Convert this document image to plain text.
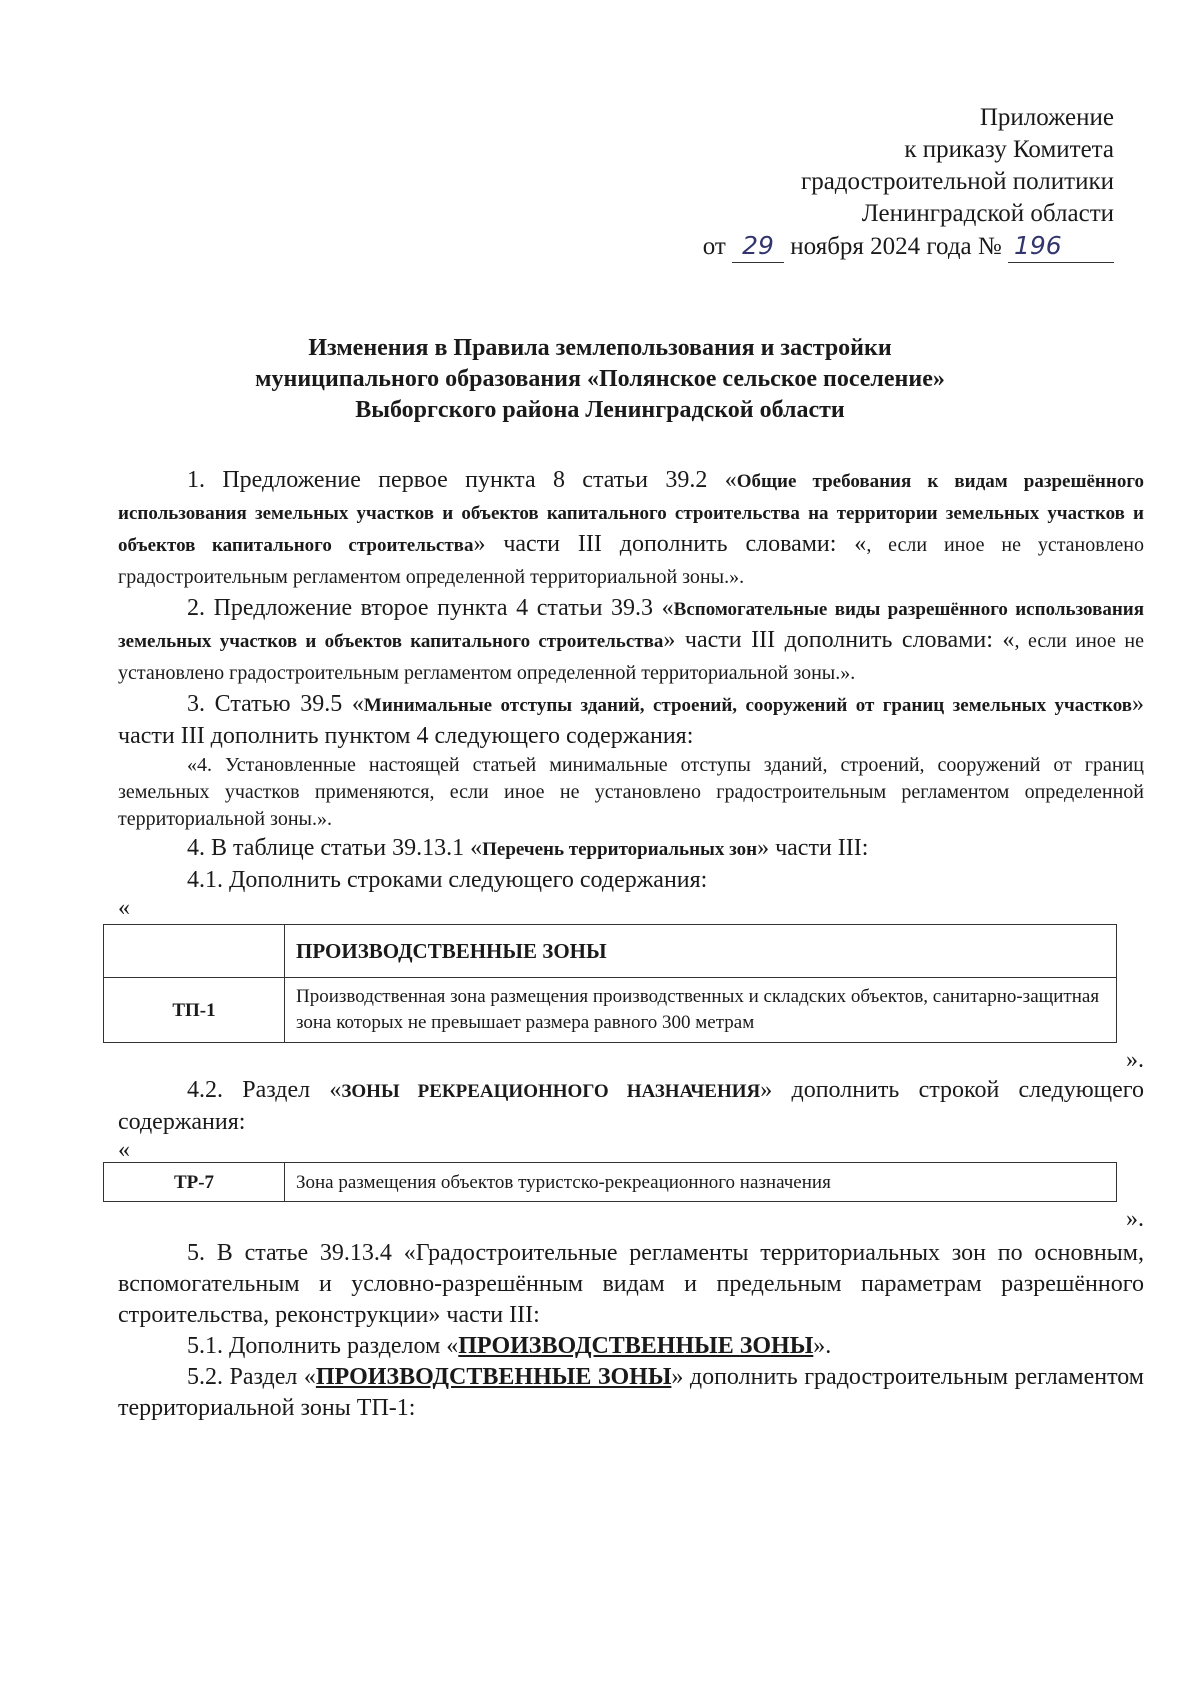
Приложение
к приказу Комитета
градостроительной политики
Ленинградской области
от 29 ноября 2024 года № 196
Изменения в Правила землепользования и застройки
муниципального образования «Полянское сельское поселение»
Выборгского района Ленинградской области

1. Предложение первое пункта 8 статьи 39.2 «Общие требования к видам разрешённого использования земельных участков и объектов капитального строительства на территории земельных участков и объектов капитального строительства» части III дополнить словами: «, если иное не установлено градостроительным регламентом определенной территориальной зоны.».

2. Предложение второе пункта 4 статьи 39.3 «Вспомогательные виды разрешённого использования земельных участков и объектов капитального строительства» части III дополнить словами: «, если иное не установлено градостроительным регламентом определенной территориальной зоны.».

3. Статью 39.5 «Минимальные отступы зданий, строений, сооружений от границ земельных участков» части III дополнить пунктом 4 следующего содержания:

«4. Установленные настоящей статьей минимальные отступы зданий, строений, сооружений от границ земельных участков применяются, если иное не установлено градостроительным регламентом определенной территориальной зоны.».

4. В таблице статьи 39.13.1 «Перечень территориальных зон» части III:

4.1. Дополнить строками следующего содержания:

«

	ПРОИЗВОДСТВЕННЫЕ ЗОНЫ
ТП-1	Производственная зона размещения производственных и складских объектов, санитарно-защитная зона которых не превышает размера равного 300 метрам

».

4.2. Раздел «ЗОНЫ РЕКРЕАЦИОННОГО НАЗНАЧЕНИЯ» дополнить строкой следующего содержания:

«

ТР-7	Зона размещения объектов туристско-рекреационного назначения

».

5. В статье 39.13.4 «Градостроительные регламенты территориальных зон по основным, вспомогательным и условно-разрешённым видам и предельным параметрам разрешённого строительства, реконструкции» части III:

5.1. Дополнить разделом «ПРОИЗВОДСТВЕННЫЕ ЗОНЫ».

5.2. Раздел «ПРОИЗВОДСТВЕННЫЕ ЗОНЫ» дополнить градостроительным регламентом территориальной зоны ТП-1:
